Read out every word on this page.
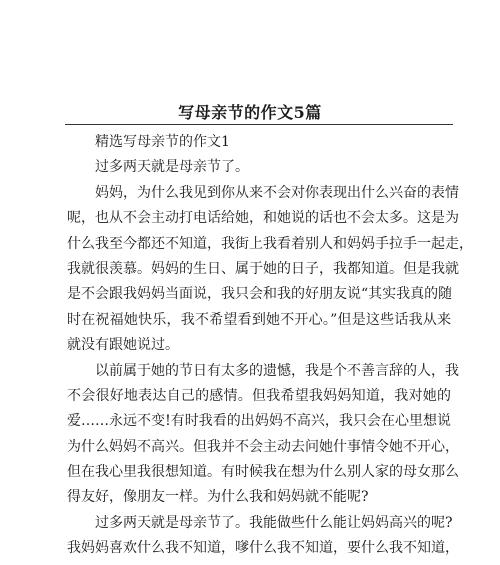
写母亲节的作文5篇
精选写母亲节的作文1
过多两天就是母亲节了。
妈妈，为什么我见到你从来不会对你表现出什么兴奋的表情
呢，也从不会主动打电话给她，和她说的话也不会太多。这是为
什么我至今都还不知道，我街上我看着别人和妈妈手拉手一起走，
我就很羡慕。妈妈的生日、属于她的日子，我都知道。但是我就
是不会跟我妈妈当面说，我只会和我的好朋友说“其实我真的随
时在祝福她快乐，我不希望看到她不开心。”但是这些话我从来
就没有跟她说过。
以前属于她的节日有太多的遗憾，我是个不善言辞的人，我
不会很好地表达自己的感情。但我希望我妈妈知道，我对她的
爱……永远不变!有时我看的出妈妈不高兴，我只会在心里想说
为什么妈妈不高兴。但我并不会主动去问她什事情令她不开心，
但在我心里我很想知道。有时候我在想为什么别人家的母女那么
得友好，像朋友一样。为什么我和妈妈就不能呢?
过多两天就是母亲节了。我能做些什么能让妈妈高兴的呢?
我妈妈喜欢什么我不知道，嗲什么我不知道，要什么我不知道，
